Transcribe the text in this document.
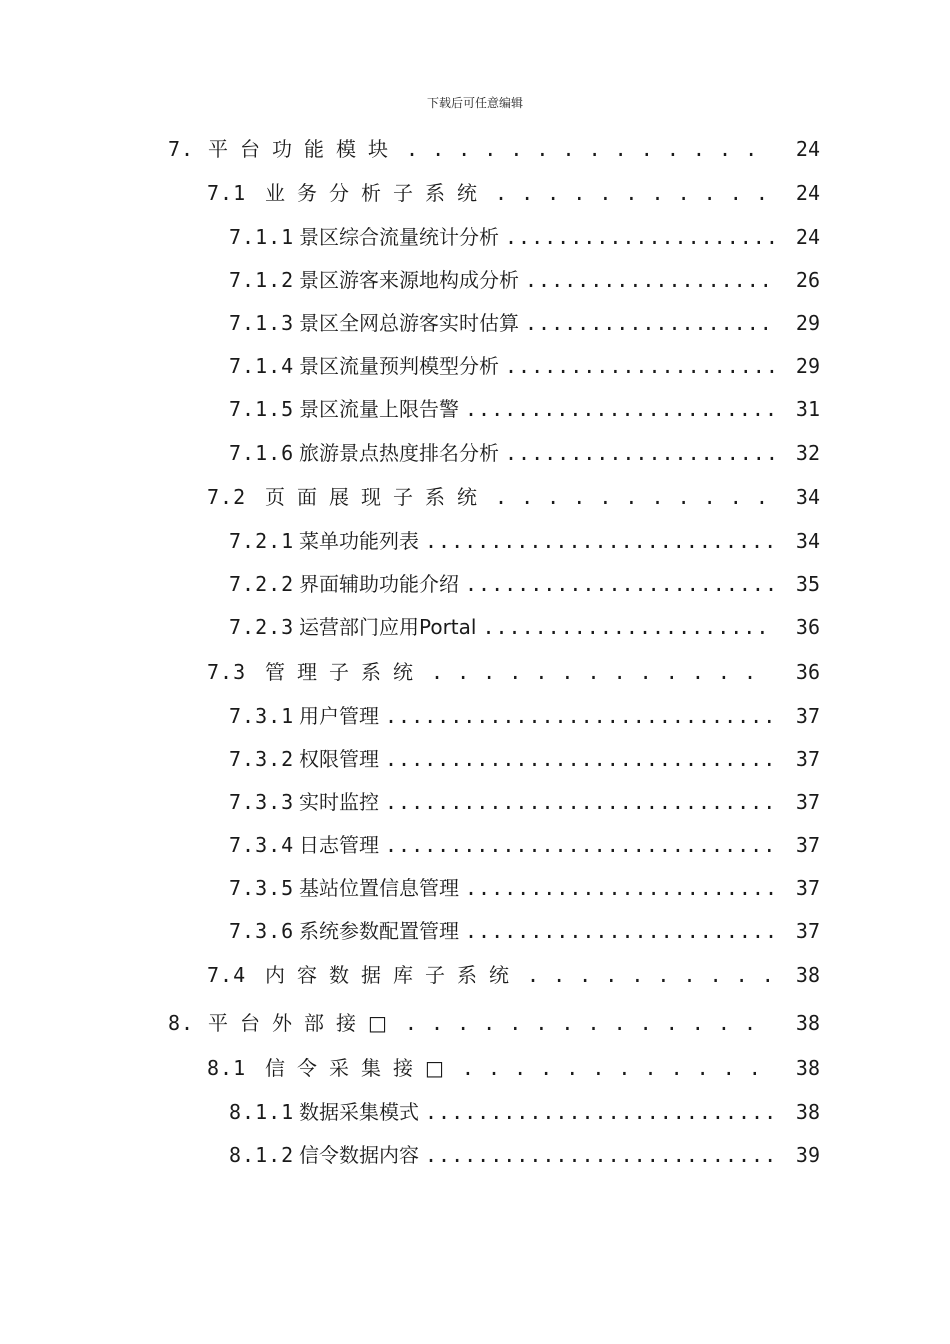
下载后可任意编辑
7. 平台功能模块 . . .	24
7.1 业务分析子系统 . . .	24
7.1.1 景区综合流量统计分析 .....	24
7.1.2 景区游客来源地构成分析 .....	26
7.1.3 景区全网总游客实时估算 .....	29
7.1.4 景区流量预判模型分析 .....	29
7.1.5 景区流量上限告警 .....	31
7.1.6 旅游景点热度排名分析 .....	32
7.2 页面展现子系统 . . .	34
7.2.1 菜单功能列表 .....	34
7.2.2 界面辅助功能介绍 .....	35
7.2.3 运营部门应用Portal .....	36
7.3 管理子系统 . . .	36
7.3.1 用户管理 .....	37
7.3.2 权限管理 .....	37
7.3.3 实时监控 .....	37
7.3.4 日志管理 .....	37
7.3.5 基站位置信息管理 .....	37
7.3.6 系统参数配置管理 .....	37
7.4 内容数据库子系统 . . .	38
8. 平台外部接□ . . .	38
8.1 信令采集接□ . . .	38
8.1.1 数据采集模式 .....	38
8.1.2 信令数据内容 .....	39
